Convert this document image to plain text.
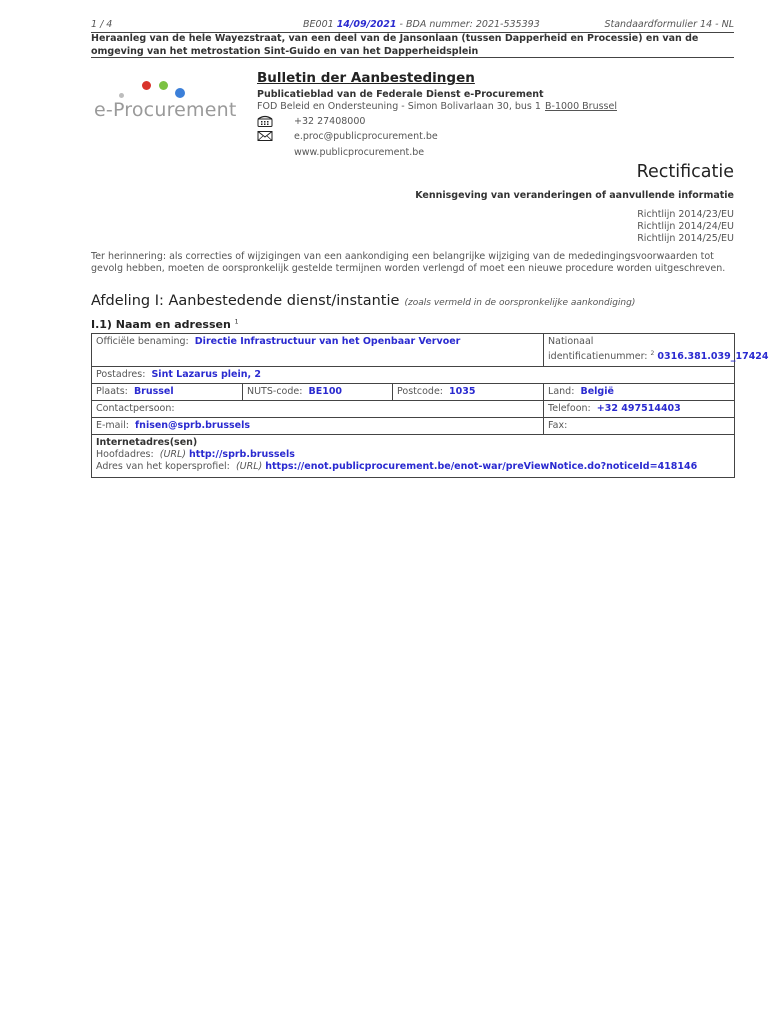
1 / 4	BE001 14/09/2021 - BDA nummer: 2021-535393	Standaardformulier 14 - NL
Heraanleg van de hele Wayezstraat, van een deel van de Jansonlaan (tussen Dapperheid en Processie) en van de omgeving van het metrostation Sint-Guido en van het Dapperheidsplein
e-Procurement
Bulletin der Aanbestedingen
Publicatieblad van de Federale Dienst e-Procurement
FOD Beleid en Ondersteuning - Simon Bolivarlaan 30, bus 1 B-1000 Brussel
+32 27408000
e.proc@publicprocurement.be
www.publicprocurement.be
Rectificatie
Kennisgeving van veranderingen of aanvullende informatie
Richtlijn 2014/23/EU
Richtlijn 2014/24/EU
Richtlijn 2014/25/EU
Ter herinnering: als correcties of wijzigingen van een aankondiging een belangrijke wijziging van de mededingingsvoorwaarden tot gevolg hebben, moeten de oorspronkelijk gestelde termijnen worden verlengd of moet een nieuwe procedure worden uitgeschreven.
Afdeling I: Aanbestedende dienst/instantie (zoals vermeld in de oorspronkelijke aankondiging)
I.1) Naam en adressen $^1$
Officiële benaming: Directie Infrastructuur van het Openbaar Vervoer			Nationaal
identificatienummer: $^2$ 0316.381.039_17424

Postadres: Sint Lazarus plein, 2			
Plaats: Brussel	NUTS-code: BE100	Postcode: 1035	Land: België
Contactpersoon:			Telefoon: +32 497514403
E-mail: fnisen@sprb.brussels			Fax:

Internetadres(sen)
Hoofdadres: (URL) http://sprb.brussels
Adres van het kopersprofiel: (URL) https://enot.publicprocurement.be/enot-war/preViewNotice.do?noticeId=418146			
